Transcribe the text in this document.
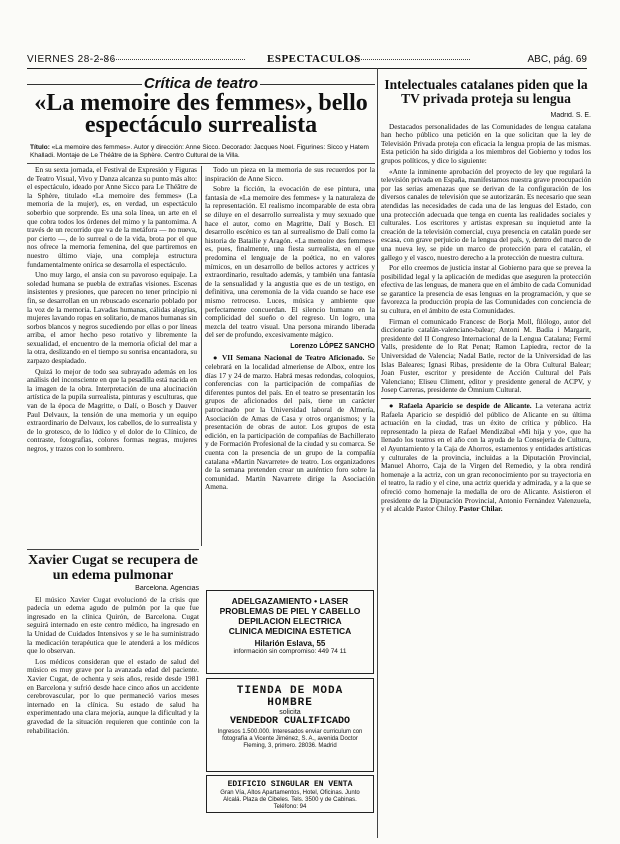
VIERNES 28-2-86	ESPECTACULOS	ABC, pág. 69
Crítica de teatro
«La memoire des femmes», bello espectáculo surrealista
Título: «La memoire des femmes». Autor y dirección: Anne Sicco. Decorado: Jacques Noel. Figurines: Sicco y Hatem Khalladi. Montaje de Le Théâtre de la Sphère. Centro Cultural de la Villa.

En su sexta jornada, el Festival de Expresión y Figuras de Teatro Visual, Vivo y Danza alcanza su punto más alto: el espectáculo, ideado por Anne Sicco para Le Théâtre de la Sphère, titulado «La memoire des femmes» (La memoria de la mujer), es, en verdad, un espectáculo soberbio que sorprende. Es una sola línea, un arte en el que cobra todos los órdenes del mimo y la pantomima. A través de un recorrido que va de la metáfora — no nueva, por cierto —, de lo surreal o de la vida, brota por el que nos ofrece la memoria femenina, del que partiremos en nuestro último viaje, una compleja estructura fundamentalmente onírica se desarrolla el espectáculo.

Uno muy largo, el ansia con su pavoroso equipaje. La soledad humana se puebla de extrañas visiones. Escenas insistentes y presiones, que parecen no tener principio ni fin, se desarrollan en un rebuscado escenario poblado por la voz de la memoria. Lavadas humanas, cálidas alegrías, mujeres lavando ropas en solitario, de manos humanas sin sorbos blancos y negros sucediendo por ellas o por líneas arriba, el amor hecho peso rotativo y libremente la sexualidad, el encuentro de la memoria oficial del mar a la otra, deslizando en el tiempo su sonrisa encantadora, su zarpazo despiadado.

Quizá lo mejor de todo sea subrayado además en los análisis del inconsciente en que la pesadilla está nacida en la imagen de la obra. Interpretación de una alucinación artística de la pupila surrealista, pinturas y esculturas, que van de la época de Magritte, o Dalí, o Bosch y Dauver Paul Delvaux, la tensión de una memoria y un equipo extraordinario de Delvaux, los cabellos, de lo surrealista y de lo grotesco, de lo lúdico y el dolor de lo Clínico, de contraste, fotografías, colores formas negras, mujeres negros, y trazos con lo sombrero.

Todo un pieza en la memoria de sus recuerdos por la inspiración de Anne Sicco.

Sobre la ficción, la evocación de ese pintura, una fantasía de «La memoire des femmes» y la naturaleza de la representación. El realismo incomparable de esta obra se diluye en el desarrollo surrealista y muy sexuado que hace el autor, como en Magritte, Dalí y Bosch. El desarrollo escénico es tan al surrealismo de Dalí como la historia de Batailie y Aragón. «La memoire des femmes» es, pues, finalmente, una fiesta surrealista, en el que predomina el lenguaje de la poética, no en valores mímicos, en un desarrollo de bellos actores y actrices y extraordinario, resultado además, y también una fantasía de la sensualidad y la angustia que es de un testigo, en definitiva, una ceremonia de la vida cuando se hace ese mismo retroceso. Luces, música y ambiente que perfectamente concuerdan. El silencio humano en la complicidad del sueño o del regreso. Un logro, una mezcla del teatro visual. Una persona mirando liberada del ser de profundo, excesivamente mágico.

Lorenzo LÓPEZ SANCHO

● VII Semana Nacional de Teatro Aficionado. Se celebrará en la localidad almeriense de Albox, entre los días 17 y 24 de marzo. Habrá mesas redondas, coloquios, conferencias con la participación de compañías de diferentes puntos del país. En el teatro se presentarán los grupos de aficionados del país, tiene un carácter patrocinado por la Universidad laboral de Almería, Asociación de Amas de Casa y otros organismos; y la presentación de obras de autor. Los grupos de esta edición, en la participación de compañías de Bachillerato y de Formación Profesional de la ciudad y su comarca. Se cuenta con la presencia de un grupo de la compañía catalana «Martin Navarrete» de teatro. Los organizadores de la semana pretenden crear un auténtico foro sobre la comunidad. Martín Navarrete dirige la Asociación Amena.

Xavier Cugat se recupera de un edema pulmonar
Barcelona. Agencias

El músico Xavier Cugat evolucionó de la crisis que padecía un edema agudo de pulmón por la que fue ingresado en la clínica Quirón, de Barcelona. Cugat seguirá internado en este centro médico, ha ingresado en la Unidad de Cuidados Intensivos y se le ha suministrado la medicación terapéutica que le atenderá a los médicos que lo observan.

Los médicos consideran que el estado de salud del músico es muy grave por la avanzada edad del paciente. Xavier Cugat, de ochenta y seis años, reside desde 1981 en Barcelona y sufrió desde hace cinco años un accidente cerebrovascular, por lo que permaneció varios meses internado en la clínica. Su estado de salud ha experimentado una clara mejoría, aunque la dificultad y la gravedad de la situación requieren que continúe con la rehabilitación.

ADELGAZAMIENTO • LASER
PROBLEMAS DE PIEL Y CABELLO
DEPILACION ELECTRICA
CLINICA MEDICINA ESTETICA
Hilarión Eslava, 55
información sin compromiso: 449 74 11
TIENDA DE MODA
HOMBRE
solicita
VENDEDOR CUALIFICADO
Ingresos 1.500.000. Interesados enviar curriculum con fotografía a Vicente Jiménez, S. A., avenida Doctor Fleming, 3, primero. 28036. Madrid
EDIFICIO SINGULAR EN VENTA
Gran Vía, Altos Apartamentos, Hotel, Oficinas. Junto Alcalá. Plaza de Cibeles. Tels. 3500 y de Cabinas. Teléfono: 94
Intelectuales catalanes piden que la TV privada proteja su lengua
Madrid. S. E.

Destacados personalidades de las Comunidades de lengua catalana han hecho público una petición en la que solicitan que la ley de Televisión Privada proteja con eficacia la lengua propia de las mismas. Esta petición ha sido dirigida a los miembros del Gobierno y todos los grupos políticos, y dice lo siguiente:

«Ante la inminente aprobación del proyecto de ley que regulará la televisión privada en España, manifestamos nuestra grave preocupación por las serias amenazas que se derivan de la configuración de los diversos canales de televisión que se autorizarán. Es necesario que sean atendidas las necesidades de cada una de las lenguas del Estado, con una protección adecuada que tenga en cuenta las realidades sociales y culturales. Los escritores y artistas expresan su inquietud ante la creación de la televisión comercial, cuya presencia en catalán puede ser escasa, con grave perjuicio de la lengua del país, y, dentro del marco de una nueva ley, se pide un marco de protección para el catalán, el gallego y el vasco, nuestro derecho a la protección de nuestra cultura.

Por ello creemos de justicia instar al Gobierno para que se prevea la posibilidad legal y la aplicación de medidas que aseguren la protección efectiva de las lenguas, de manera que en el ámbito de cada Comunidad se garantice la presencia de esas lenguas en la programación, y que se favorezca la producción propia de las Comunidades con conciencia de su cultura, en el ámbito de esta Comunidades.

Firman el comunicado Francesc de Borja Moll, filólogo, autor del diccionario catalán-valenciano-balear; Antoni M. Badia i Margarit, presidente del II Congreso Internacional de la Lengua Catalana; Fermí Valls, presidente de lo Rat Penat; Ramon Lapiedra, rector de la Universidad de Valencia; Nadal Batle, rector de la Universidad de las Islas Baleares; Ignasi Ribas, presidente de la Obra Cultural Balear; Joan Fuster, escritor y presidente de Acción Cultural del País Valenciano; Eliseu Climent, editor y presidente general de ACPV, y Josep Carreras, presidente de Òmnium Cultural.

● Rafaela Aparicio se despide de Alicante. La veterana actriz Rafaela Aparicio se despidió del público de Alicante en su última actuación en la ciudad, tras un éxito de crítica y público. Ha representado la pieza de Rafael Mendizábal «Mi hija y yo», que ha llenado los teatros en el año con la ayuda de la Consejería de Cultura, el Ayuntamiento y la Caja de Ahorros, estamentos y entidades artísticas y culturales de la provincia, incluidas a la Diputación Provincial, Manuel Ahorro, Caja de la Virgen del Remedio, y la obra rendirá homenaje a la actriz, con un gran reconocimiento por su trayectoria en el teatro, la radio y el cine, una actriz querida y admirada, y a la que se ofreció como homenaje la medalla de oro de Alicante. Asistieron el presidente de la Diputación Provincial, Antonio Fernández Valenzuela, y el alcalde Pastor Chiloy. Pastor Chilar.
